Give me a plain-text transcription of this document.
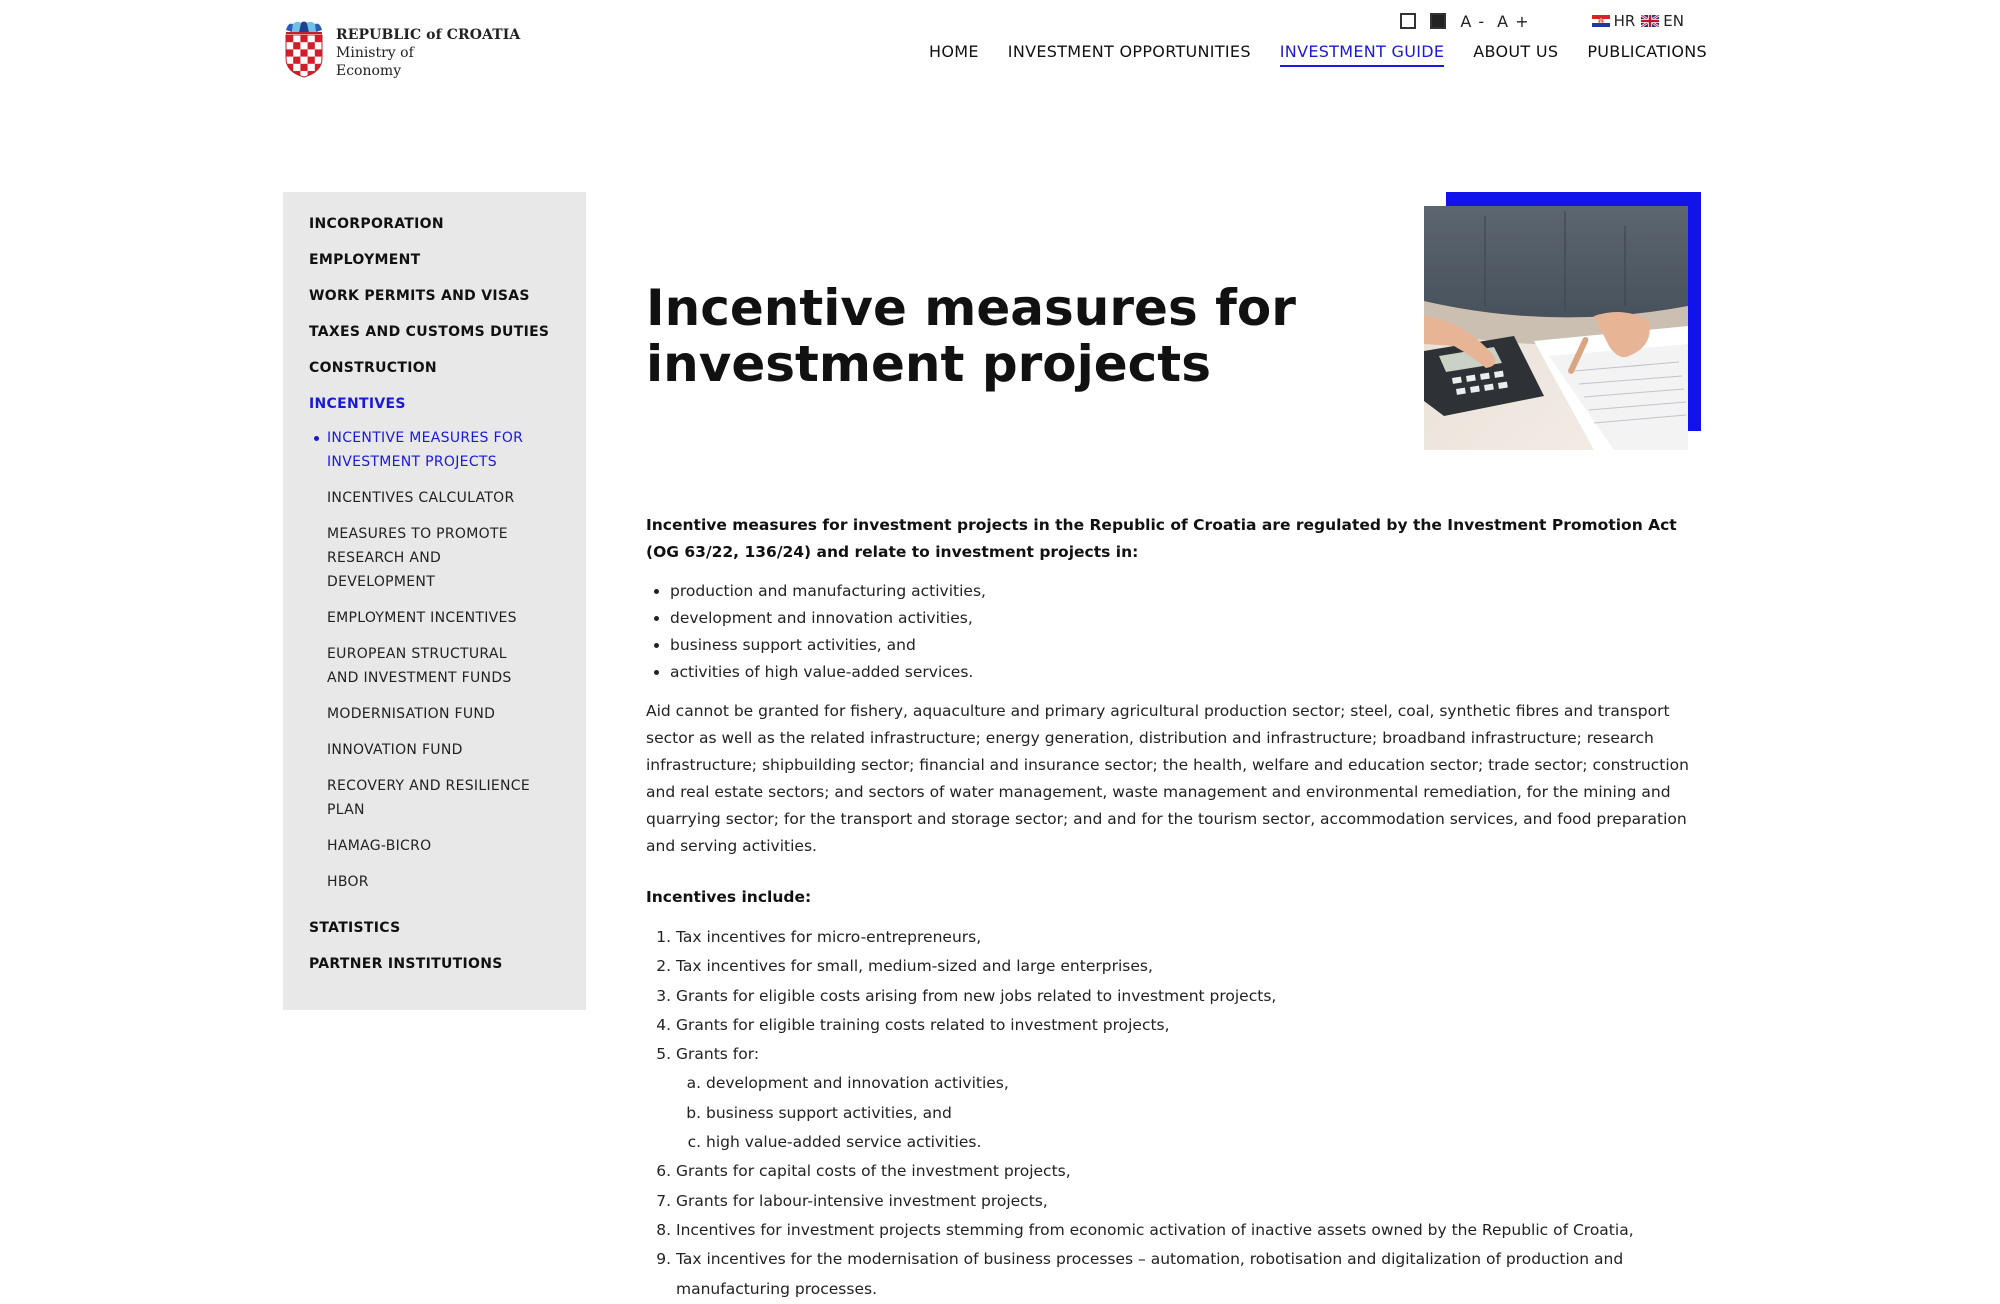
REPUBLIC of CROATIA
Ministry of
Economy
A - A +	HR EN
HOME INVESTMENT OPPORTUNITIES INVESTMENT GUIDE ABOUT US PUBLICATIONS
INCORPORATION
EMPLOYMENT
WORK PERMITS AND VISAS
TAXES AND CUSTOMS DUTIES
CONSTRUCTION
INCENTIVES
INCENTIVE MEASURES FOR INVESTMENT PROJECTS
INCENTIVES CALCULATOR
MEASURES TO PROMOTE RESEARCH AND DEVELOPMENT
EMPLOYMENT INCENTIVES
EUROPEAN STRUCTURAL AND INVESTMENT FUNDS
MODERNISATION FUND
INNOVATION FUND
RECOVERY AND RESILIENCE PLAN
HAMAG-BICRO
HBOR
STATISTICS
PARTNER INSTITUTIONS
Incentive measures for investment projects

Incentive measures for investment projects in the Republic of Croatia are regulated by the Investment Promotion Act (OG 63/22, 136/24) and relate to investment projects in:

• production and manufacturing activities,
• development and innovation activities,
• business support activities, and
• activities of high value-added services.

Aid cannot be granted for fishery, aquaculture and primary agricultural production sector; steel, coal, synthetic fibres and transport sector as well as the related infrastructure; energy generation, distribution and infrastructure; broadband infrastructure; research infrastructure; shipbuilding sector; financial and insurance sector; the health, welfare and education sector; trade sector; construction and real estate sectors; and sectors of water management, waste management and environmental remediation, for the mining and quarrying sector; for the transport and storage sector; and and for the tourism sector, accommodation services, and food preparation and serving activities.

Incentives include:

1. Tax incentives for micro-entrepreneurs,
2. Tax incentives for small, medium-sized and large enterprises,
3. Grants for eligible costs arising from new jobs related to investment projects,
4. Grants for eligible training costs related to investment projects,
5. Grants for:
a. development and innovation activities,
b. business support activities, and
c. high value-added service activities.
6. Grants for capital costs of the investment projects,
7. Grants for labour-intensive investment projects,
8. Incentives for investment projects stemming from economic activation of inactive assets owned by the Republic of Croatia,
9. Tax incentives for the modernisation of business processes – automation, robotisation and digitalization of production and manufacturing processes.
